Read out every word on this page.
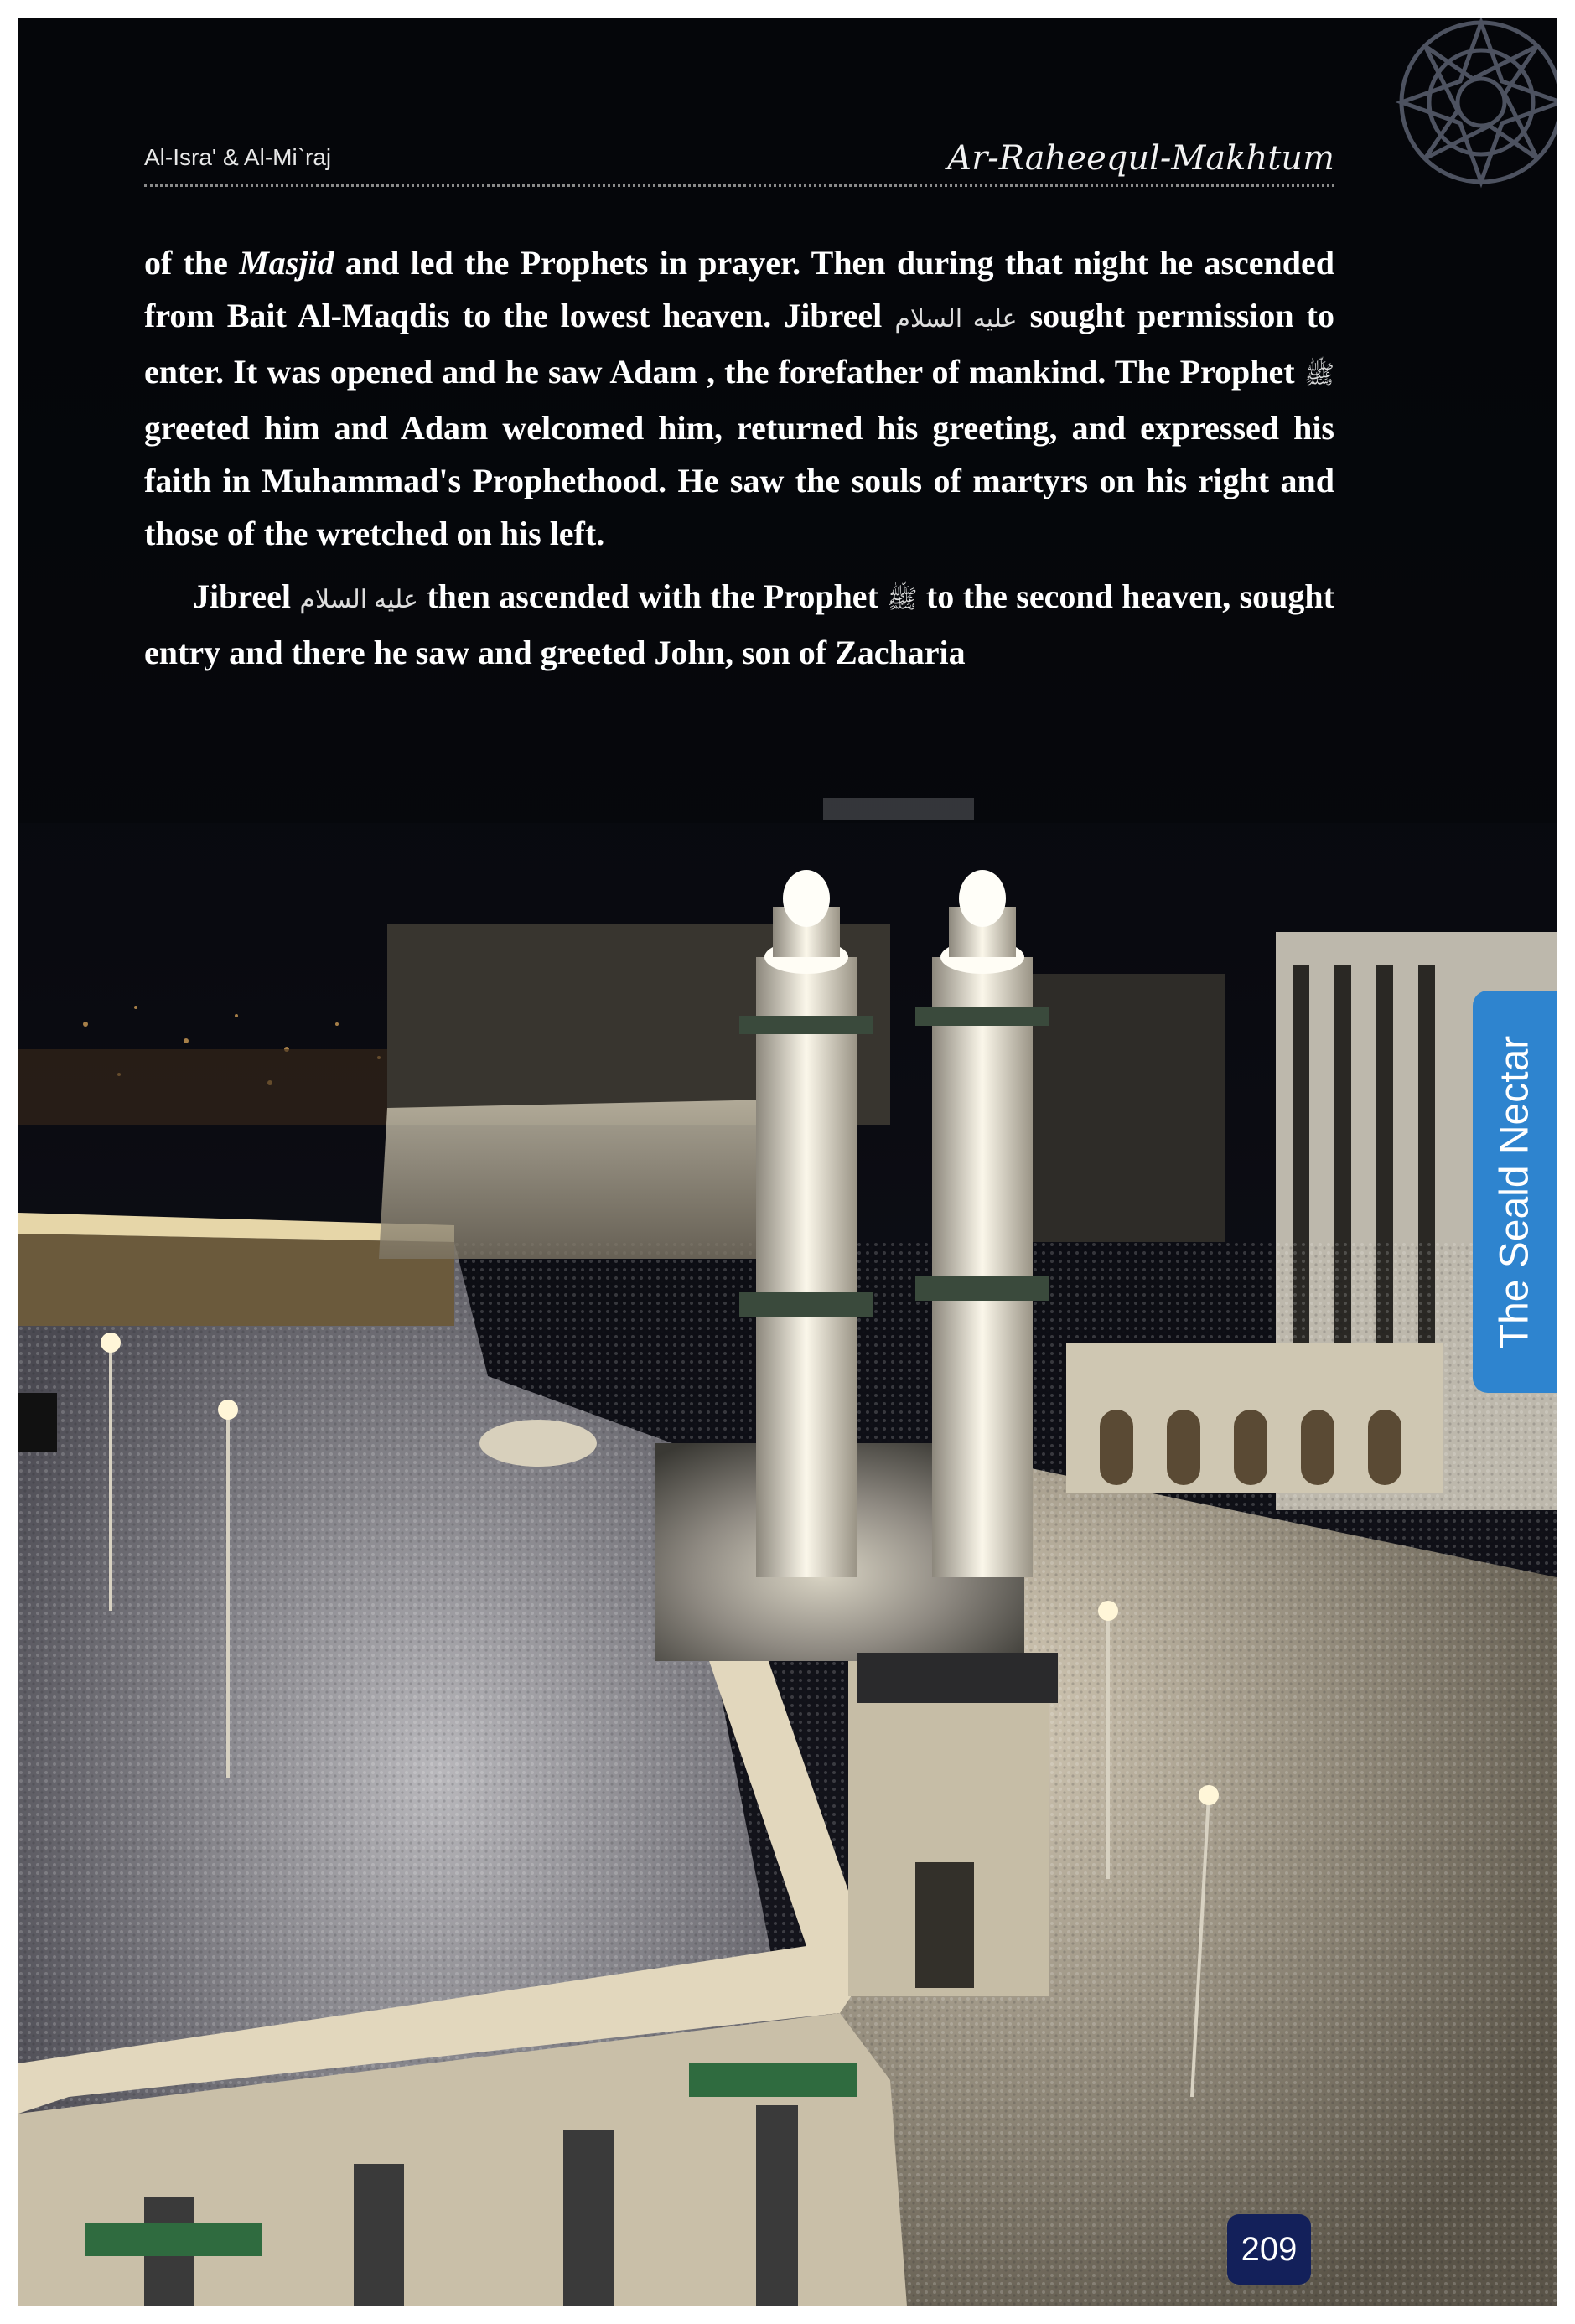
Al-Isra' & Al-Mi`raj	Ar-Raheequl-Makhtum

of the Masjid and led the Prophets in prayer. Then during that night he ascended from Bait Al-Maqdis to the lowest heaven. Jibreel عليه السلام sought permission to enter. It was opened and he saw Adam , the forefather of mankind. The Prophet ﷺ greeted him and Adam welcomed him, returned his greeting, and expressed his faith in Muhammad's Prophethood. He saw the souls of martyrs on his right and those of the wretched on his left.

Jibreel عليه السلام then ascended with the Prophet ﷺ to the second heaven, sought entry and there he saw and greeted John, son of Zacharia

The Seald Nectar
209
